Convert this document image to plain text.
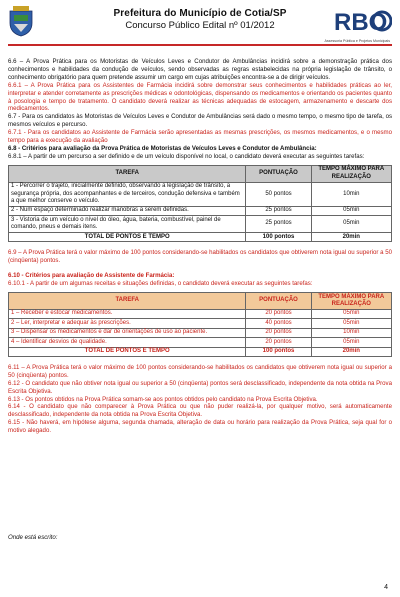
Prefeitura do Município de Cotia/SP
Concurso Público Edital nº 01/2012	RBO
Assessoria Pública e Projetos Municipais

6.6 – A Prova Prática para os Motoristas de Veículos Leves e Condutor de Ambulâncias incidirá sobre a demonstração prática dos conhecimentos e habilidades da condução de veículos, sendo observadas as regras estabelecidas na própria legislação de trânsito, o conhecimento obrigatório para quem pretende assumir um cargo em cujas atribuições encontra-se a de dirigir veículos.

6.6.1 – A Prova Prática para os Assistentes de Farmácia incidirá sobre demonstrar seus conhecimentos e habilidades práticas ao ler, interpretar e atender corretamente as prescrições médicas e odontológicas, dispensando os medicamentos e orientando os pacientes quanto à posologia e tempo de tratamento. O candidato deverá realizar as técnicas adequadas de estocagem, armazenamento e descarte dos medicamentos.

6.7 - Para os candidatos às Motoristas de Veículos Leves e Condutor de Ambulâncias será dado o mesmo tempo, o mesmo tipo de tarefa, os mesmos veículos e percurso.

6.7.1 - Para os candidatos ao Assistente de Farmácia serão apresentadas as mesmas prescrições, os mesmos medicamentos, e o mesmo tempo para a execução da avaliação

6.8 - Critérios para avaliação da Prova Prática de Motoristas de Veículos Leves e Condutor de Ambulância:

6.8.1 – A partir de um percurso a ser definido e de um veículo disponível no local, o candidato deverá executar as seguintes tarefas:

TAREFA	PONTUAÇÃO	TEMPO MÁXIMO PARA REALIZAÇÃO
1 - Percorrer o trajeto, inicialmente definido, observando a legislação de trânsito, a segurança própria, dos acompanhantes e de terceiros, condução defensiva e também a que melhor conserve o veículo.	50 pontos	10min
2 - Num espaço determinado realizar manobras a serem definidas.	25 pontos	05min
3 - Vistoria de um veículo o nível do óleo, água, bateria, combustível, painel de comando, pneus e demais itens.	25 pontos	05min
TOTAL DE PONTOS E TEMPO	100 pontos	20min

6.9 – A Prova Prática terá o valor máximo de 100 pontos considerando-se habilitados os candidatos que obtiverem nota igual ou superior a 50 (cinqüenta) pontos.

6.10 - Critérios para avaliação de Assistente de Farmácia:

6.10.1 - A partir de um algumas receitas e situações definidas, o candidato deverá executar as seguintes tarefas:

TAREFA	PONTUAÇÃO	TEMPO MÁXIMO PARA REALIZAÇÃO
1 – Receber e estocar medicamentos.	20 pontos	05min
2 – Ler, interpretar e adequar às prescrições.	40 pontos	05min
3 – Dispensar os medicamentos e dar de orientações de uso ao paciente.	20 pontos	10min
4 – Identificar desvios de qualidade.	20 pontos	05min
TOTAL DE PONTOS E TEMPO	100 pontos	20min

6.11 – A Prova Prática terá o valor máximo de 100 pontos considerando-se habilitados os candidatos que obtiverem nota igual ou superior a 50 (cinqüenta) pontos.

6.12 - O candidato que não obtiver nota igual ou superior a 50 (cinqüenta) pontos será desclassificado, independente da nota obtida na Prova Escrita Objetiva.

6.13 - Os pontos obtidos na Prova Prática somam-se aos pontos obtidos pelo candidato na Prova Escrita Objetiva.

6.14 - O candidato que não comparecer à Prova Prática ou que não puder realizá-la, por qualquer motivo, será automaticamente desclassificado, independente da nota obtida na Prova Escrita Objetiva.

6.15 - Não haverá, em hipótese alguma, segunda chamada, alteração de data ou horário para realização da Prova Prática, seja qual for o motivo alegado.

Onde está escrito:
4
